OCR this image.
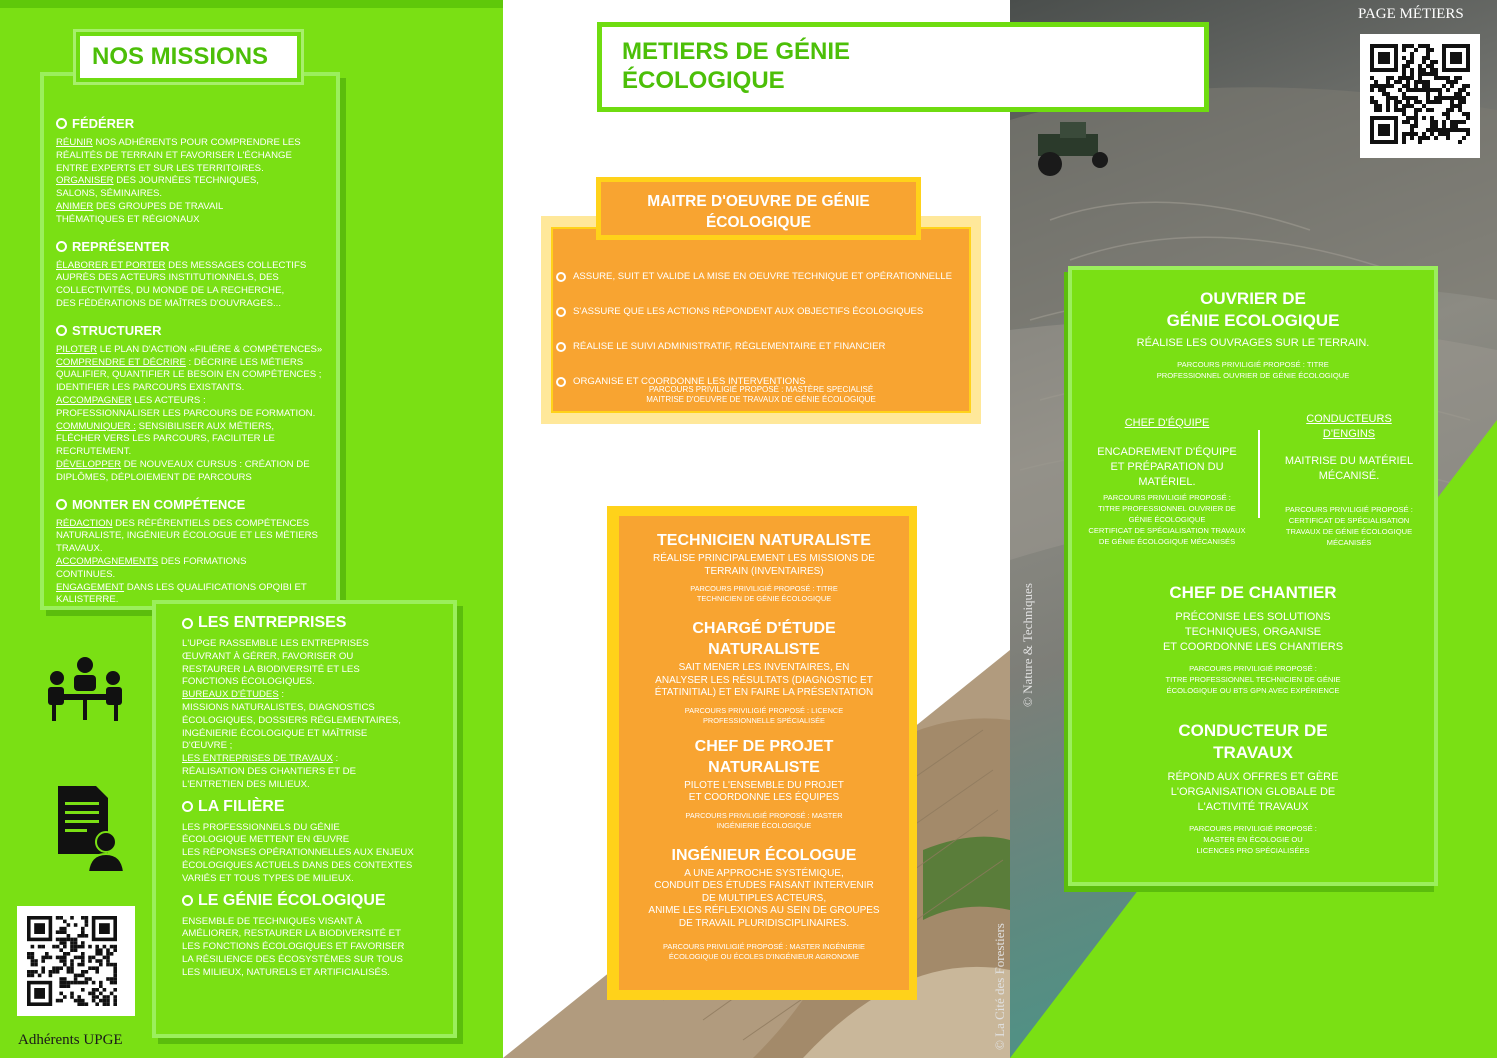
FÉDÉRER
RÉUNIR NOS ADHÉRENTS POUR COMPRENDRE LES
RÉALITÉS DE TERRAIN ET FAVORISER L'ÉCHANGE
ENTRE EXPERTS ET SUR LES TERRITOIRES.
ORGANISER DES JOURNÉES TECHNIQUES,
SALONS, SÉMINAIRES.
ANIMER DES GROUPES DE TRAVAIL
THÉMATIQUES ET RÉGIONAUX
REPRÉSENTER
ÉLABORER ET PORTER DES MESSAGES COLLECTIFS
AUPRÈS DES ACTEURS INSTITUTIONNELS, DES
COLLECTIVITÉS, DU MONDE DE LA RECHERCHE,
DES FÉDÉRATIONS DE MAÎTRES D'OUVRAGES...
STRUCTURER
PILOTER LE PLAN D'ACTION «FILIÈRE & COMPÉTENCES»
COMPRENDRE ET DÉCRIRE : DÉCRIRE LES MÉTIERS
QUALIFIER, QUANTIFIER LE BESOIN EN COMPÉTENCES ;
IDENTIFIER LES PARCOURS EXISTANTS.
ACCOMPAGNER LES ACTEURS :
PROFESSIONNALISER LES PARCOURS DE FORMATION.
COMMUNIQUER : SENSIBILISER AUX MÉTIERS,
FLÉCHER VERS LES PARCOURS, FACILITER LE
RECRUTEMENT.
DÉVELOPPER DE NOUVEAUX CURSUS : CRÉATION DE
DIPLÔMES, DÉPLOIEMENT DE PARCOURS
MONTER EN COMPÉTENCE
RÉDACTION DES RÉFÉRENTIELS DES COMPÉTENCES
NATURALISTE, INGÉNIEUR ÉCOLOGUE ET LES MÉTIERS
TRAVAUX.
ACCOMPAGNEMENTS DES FORMATIONS
CONTINUES.
ENGAGEMENT DANS LES QUALIFICATIONS OPQIBI ET
KALISTERRE.
NOS MISSIONS
LES ENTREPRISES
L'UPGE RASSEMBLE LES ENTREPRISES
ŒUVRANT À GÉRER, FAVORISER OU
RESTAURER LA BIODIVERSITÉ ET LES
FONCTIONS ÉCOLOGIQUES.
BUREAUX D'ÉTUDES :
MISSIONS NATURALISTES, DIAGNOSTICS
ÉCOLOGIQUES, DOSSIERS RÉGLEMENTAIRES,
INGÉNIERIE ÉCOLOGIQUE ET MAÎTRISE
D'ŒUVRE ;
LES ENTREPRISES DE TRAVAUX :
RÉALISATION DES CHANTIERS ET DE
L'ENTRETIEN DES MILIEUX.
LA FILIÈRE
LES PROFESSIONNELS DU GÉNIE
ÉCOLOGIQUE METTENT EN ŒUVRE
LES RÉPONSES OPÉRATIONNELLES AUX ENJEUX
ÉCOLOGIQUES ACTUELS DANS DES CONTEXTES
VARIÉS ET TOUS TYPES DE MILIEUX.
LE GÉNIE ÉCOLOGIQUE
ENSEMBLE DE TECHNIQUES VISANT À
AMÉLIORER, RESTAURER LA BIODIVERSITÉ ET
LES FONCTIONS ÉCOLOGIQUES ET FAVORISER
LA RÉSILIENCE DES ÉCOSYSTÈMES SUR TOUS
LES MILIEUX, NATURELS ET ARTIFICIALISÉS.
Adhérents UPGE
PAGE MÉTIERS
© Nature & Techniques
© La Cité des Forestiers
METIERS DE GÉNIE
ÉCOLOGIQUE
ASSURE, SUIT ET VALIDE LA MISE EN OEUVRE TECHNIQUE ET OPÉRATIONNELLE
S'ASSURE QUE LES ACTIONS RÉPONDENT AUX OBJECTIFS ÉCOLOGIQUES
RÉALISE LE SUIVI ADMINISTRATIF, RÉGLEMENTAIRE ET FINANCIER
ORGANISE ET COORDONNE LES INTERVENTIONS
PARCOURS PRIVILIGIÉ PROPOSÉ : MASTÈRE SPECIALISÉ
MAITRISE D'OEUVRE DE TRAVAUX DE GÉNIE ÉCOLOGIQUE
MAITRE D'OEUVRE DE GÉNIE
ÉCOLOGIQUE
TECHNICIEN NATURALISTE
RÉALISE PRINCIPALEMENT LES MISSIONS DE
TERRAIN (INVENTAIRES)
PARCOURS PRIVILIGIÉ PROPOSÉ : TITRE
TECHNICIEN DE GÉNIE ÉCOLOGIQUE
CHARGÉ D'ÉTUDE
NATURALISTE
SAIT MENER LES INVENTAIRES, EN
ANALYSER LES RÉSULTATS (DIAGNOSTIC ET
ÉTATINITIAL) ET EN FAIRE LA PRÉSENTATION
PARCOURS PRIVILIGIÉ PROPOSÉ : LICENCE
PROFESSIONNELLE SPÉCIALISÉE
CHEF DE PROJET
NATURALISTE
PILOTE L'ENSEMBLE DU PROJET
ET COORDONNE LES ÉQUIPES
PARCOURS PRIVILIGIÉ PROPOSÉ : MASTER
INGÉNIERIE ÉCOLOGIQUE
INGÉNIEUR ÉCOLOGUE
A UNE APPROCHE SYSTÉMIQUE,
CONDUIT DES ÉTUDES FAISANT INTERVENIR
DE MULTIPLES ACTEURS,
ANIME LES RÉFLEXIONS AU SEIN DE GROUPES
DE TRAVAIL PLURIDISCIPLINAIRES.
PARCOURS PRIVILIGIÉ PROPOSÉ : MASTER INGÉNIERIE
ÉCOLOGIQUE OU ÉCOLES D'INGÉNIEUR AGRONOME
OUVRIER DE
GÉNIE ECOLOGIQUE
RÉALISE LES OUVRAGES SUR LE TERRAIN.
PARCOURS PRIVILIGIÉ PROPOSÉ : TITRE
PROFESSIONNEL OUVRIER DE GÉNIE ÉCOLOGIQUE
CHEF D'ÉQUIPE
ENCADREMENT D'ÉQUIPE
ET PRÉPARATION DU
MATÉRIEL.
PARCOURS PRIVILIGIÉ PROPOSÉ :
TITRE PROFESSIONNEL OUVRIER DE
GÉNIE ÉCOLOGIQUE
CERTIFICAT DE SPÉCIALISATION TRAVAUX
DE GÉNIE ÉCOLOGIQUE MÉCANISÉS
CONDUCTEURS
D'ENGINS
MAITRISE DU MATÉRIEL
MÉCANISÉ.
PARCOURS PRIVILIGIÉ PROPOSÉ :
CERTIFICAT DE SPÉCIALISATION
TRAVAUX DE GÉNIE ÉCOLOGIQUE
MÉCANISÉS
CHEF DE CHANTIER
PRÉCONISE LES SOLUTIONS
TECHNIQUES, ORGANISE
ET COORDONNE LES CHANTIERS
PARCOURS PRIVILIGIÉ PROPOSÉ :
TITRE PROFESSIONNEL TECHNICIEN DE GÉNIE
ÉCOLOGIQUE OU BTS GPN AVEC EXPÉRIENCE
CONDUCTEUR DE
TRAVAUX
RÉPOND AUX OFFRES ET GÈRE
L'ORGANISATION GLOBALE DE
L'ACTIVITÉ TRAVAUX
PARCOURS PRIVILIGIÉ PROPOSÉ :
MASTER EN ÉCOLOGIE OU
LICENCES PRO SPÉCIALISÉES
